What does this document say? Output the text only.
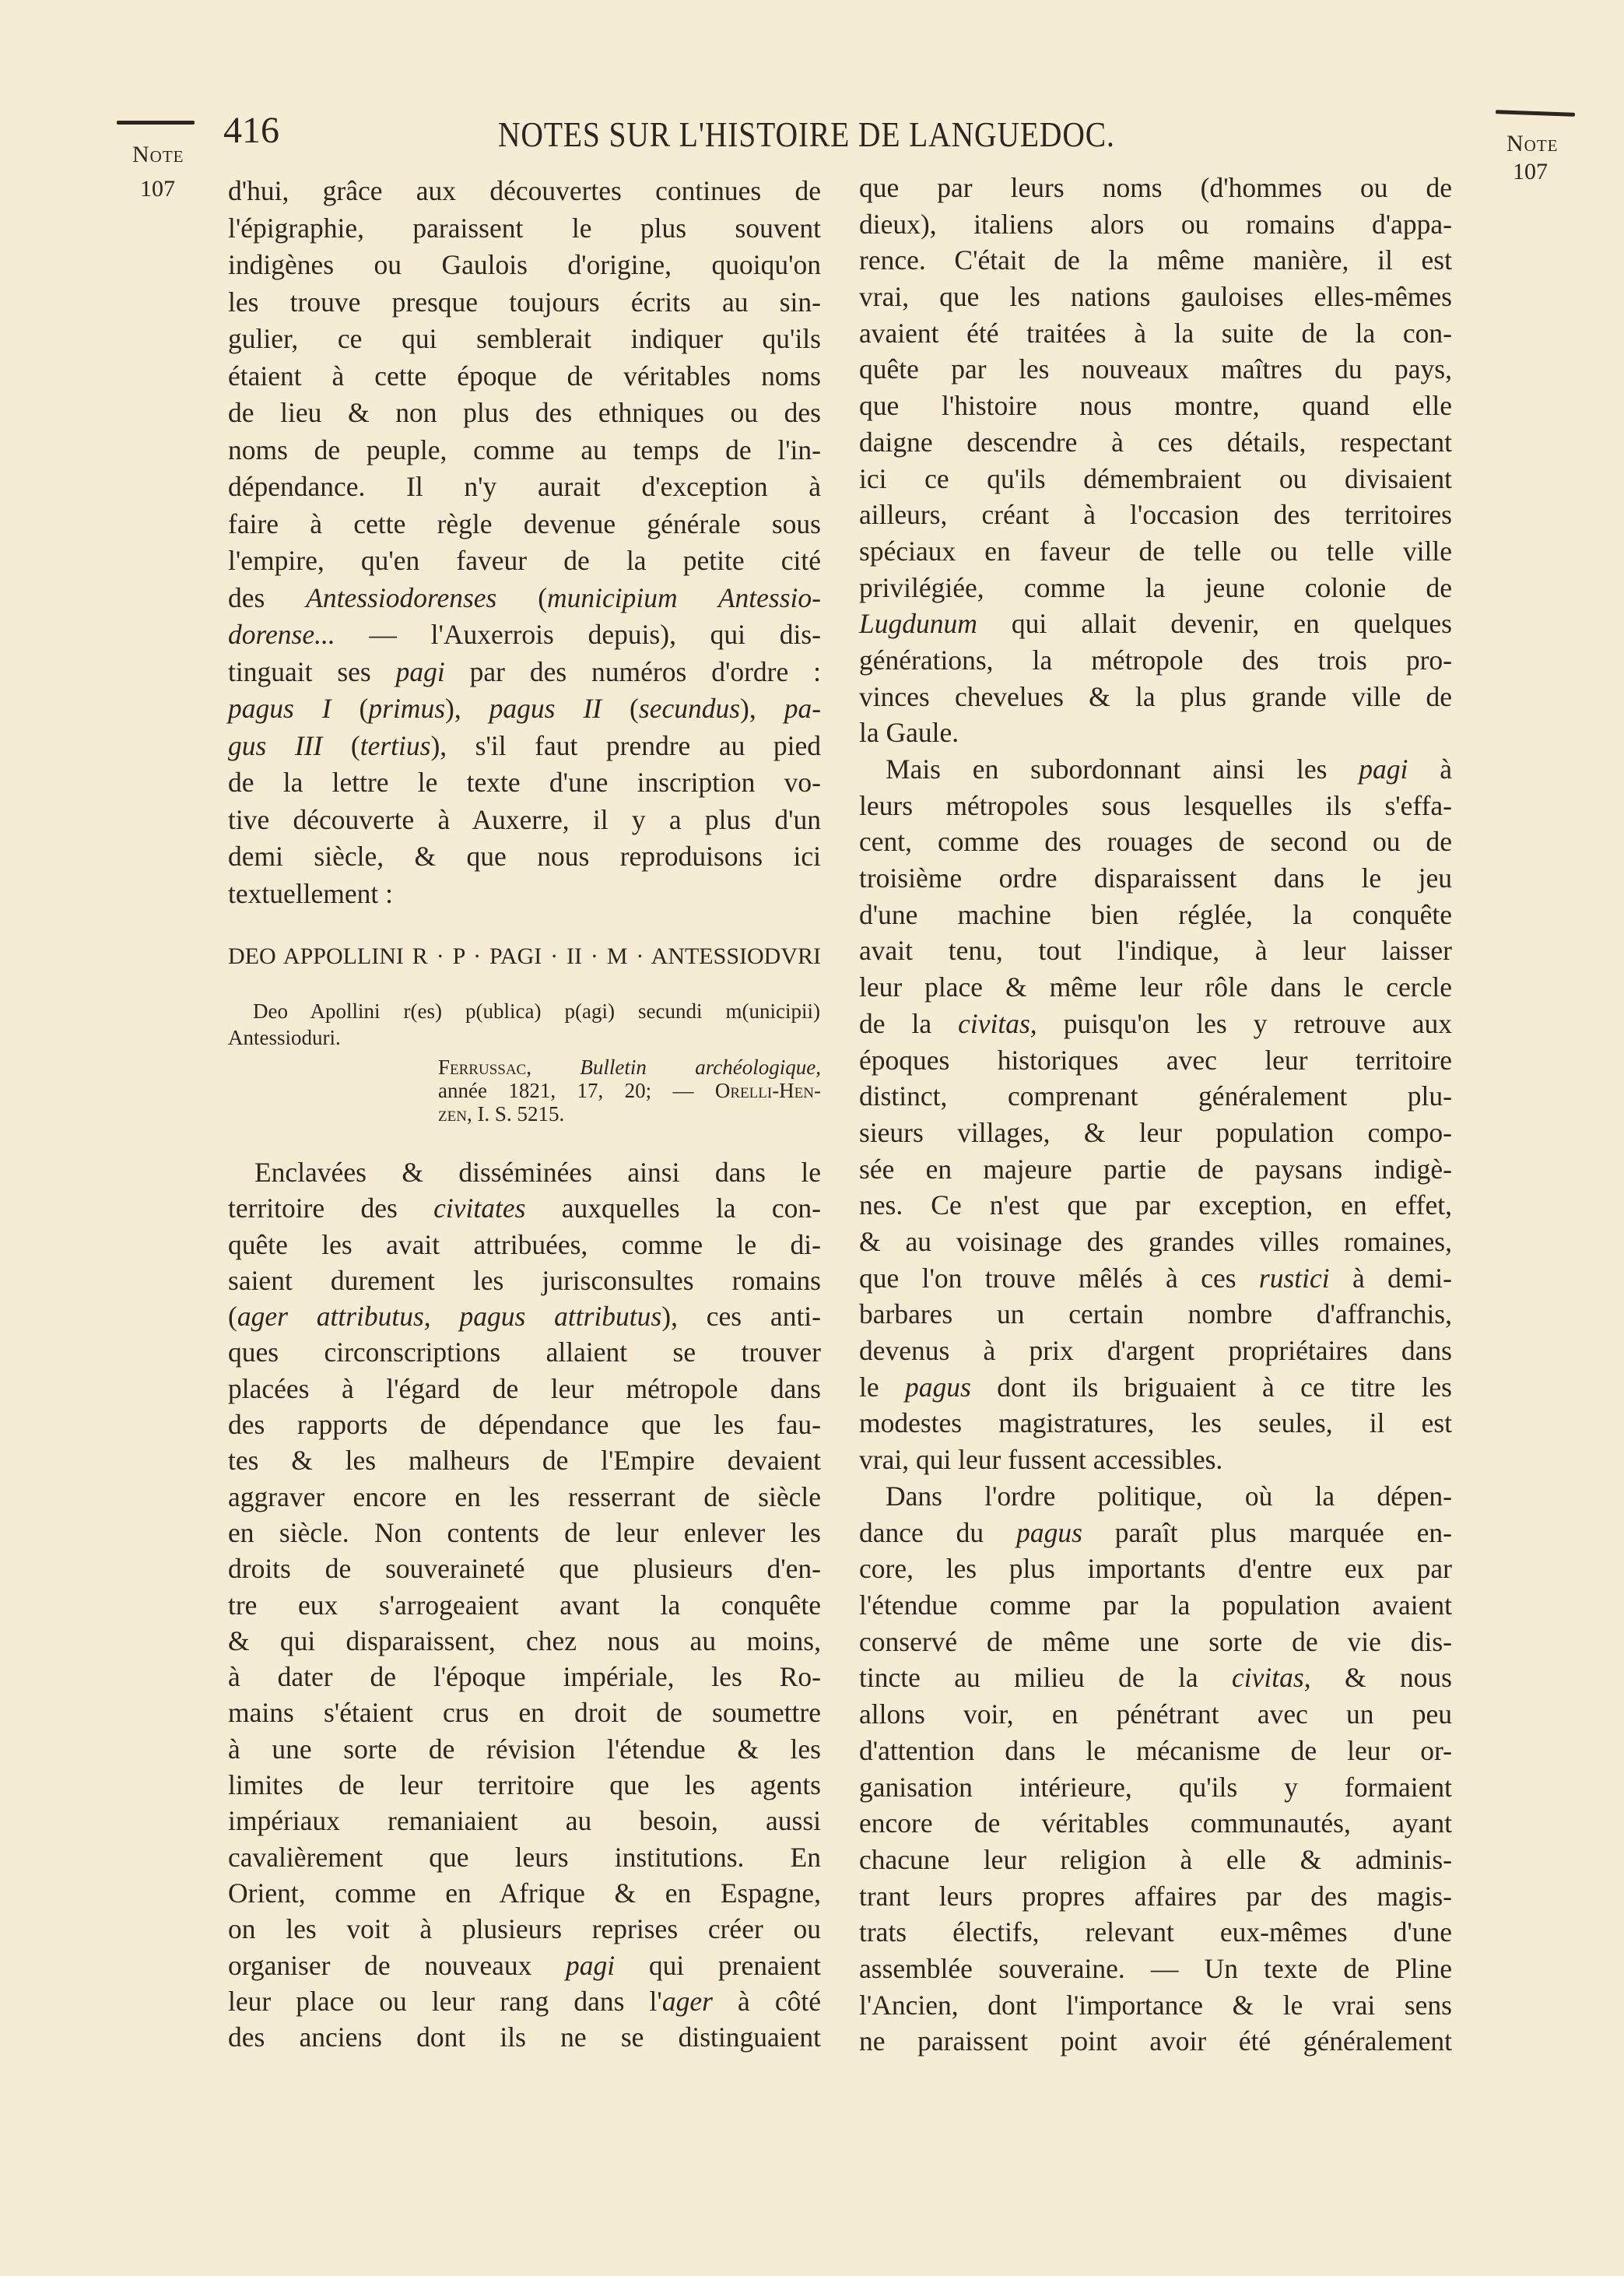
Note
107
Note
107
416	NOTES SUR L'HISTOIRE DE LANGUEDOC.
d'hui, grâce aux découvertes continues de
l'épigraphie, paraissent le plus souvent
indigènes ou Gaulois d'origine, quoiqu'on
les trouve presque toujours écrits au sin-
gulier, ce qui semblerait indiquer qu'ils
étaient à cette époque de véritables noms
de lieu & non plus des ethniques ou des
noms de peuple, comme au temps de l'in-
dépendance. Il n'y aurait d'exception à
faire à cette règle devenue générale sous
l'empire, qu'en faveur de la petite cité
des Antessiodorenses (municipium Antessio-
dorense... — l'Auxerrois depuis), qui dis-
tinguait ses pagi par des numéros d'ordre :
pagus I (primus), pagus II (secundus), pa-
gus III (tertius), s'il faut prendre au pied
de la lettre le texte d'une inscription vo-
tive découverte à Auxerre, il y a plus d'un
demi siècle, & que nous reproduisons ici
textuellement :
DEO APPOLLINI R · P · PAGI · II · M · ANTESSIODVRI
Deo Apollini r(es) p(ublica) p(agi) secundi m(unicipii)
Antessioduri.
Ferrussac, Bulletin archéologique,
année 1821, 17, 20; — Orelli-Hen-
zen, I. S. 5215.
Enclavées & disséminées ainsi dans le
territoire des civitates auxquelles la con-
quête les avait attribuées, comme le di-
saient durement les jurisconsultes romains
(ager attributus, pagus attributus), ces anti-
ques circonscriptions allaient se trouver
placées à l'égard de leur métropole dans
des rapports de dépendance que les fau-
tes & les malheurs de l'Empire devaient
aggraver encore en les resserrant de siècle
en siècle. Non contents de leur enlever les
droits de souveraineté que plusieurs d'en-
tre eux s'arrogeaient avant la conquête
& qui disparaissent, chez nous au moins,
à dater de l'époque impériale, les Ro-
mains s'étaient crus en droit de soumettre
à une sorte de révision l'étendue & les
limites de leur territoire que les agents
impériaux remaniaient au besoin, aussi
cavalièrement que leurs institutions. En
Orient, comme en Afrique & en Espagne,
on les voit à plusieurs reprises créer ou
organiser de nouveaux pagi qui prenaient
leur place ou leur rang dans l'ager à côté
des anciens dont ils ne se distinguaient
que par leurs noms (d'hommes ou de
dieux), italiens alors ou romains d'appa-
rence. C'était de la même manière, il est
vrai, que les nations gauloises elles-mêmes
avaient été traitées à la suite de la con-
quête par les nouveaux maîtres du pays,
que l'histoire nous montre, quand elle
daigne descendre à ces détails, respectant
ici ce qu'ils démembraient ou divisaient
ailleurs, créant à l'occasion des territoires
spéciaux en faveur de telle ou telle ville
privilégiée, comme la jeune colonie de
Lugdunum qui allait devenir, en quelques
générations, la métropole des trois pro-
vinces chevelues & la plus grande ville de
la Gaule.
Mais en subordonnant ainsi les pagi à
leurs métropoles sous lesquelles ils s'effa-
cent, comme des rouages de second ou de
troisième ordre disparaissent dans le jeu
d'une machine bien réglée, la conquête
avait tenu, tout l'indique, à leur laisser
leur place & même leur rôle dans le cercle
de la civitas, puisqu'on les y retrouve aux
époques historiques avec leur territoire
distinct, comprenant généralement plu-
sieurs villages, & leur population compo-
sée en majeure partie de paysans indigè-
nes. Ce n'est que par exception, en effet,
& au voisinage des grandes villes romaines,
que l'on trouve mêlés à ces rustici à demi-
barbares un certain nombre d'affranchis,
devenus à prix d'argent propriétaires dans
le pagus dont ils briguaient à ce titre les
modestes magistratures, les seules, il est
vrai, qui leur fussent accessibles.
Dans l'ordre politique, où la dépen-
dance du pagus paraît plus marquée en-
core, les plus importants d'entre eux par
l'étendue comme par la population avaient
conservé de même une sorte de vie dis-
tincte au milieu de la civitas, & nous
allons voir, en pénétrant avec un peu
d'attention dans le mécanisme de leur or-
ganisation intérieure, qu'ils y formaient
encore de véritables communautés, ayant
chacune leur religion à elle & adminis-
trant leurs propres affaires par des magis-
trats électifs, relevant eux-mêmes d'une
assemblée souveraine. — Un texte de Pline
l'Ancien, dont l'importance & le vrai sens
ne paraissent point avoir été généralement
